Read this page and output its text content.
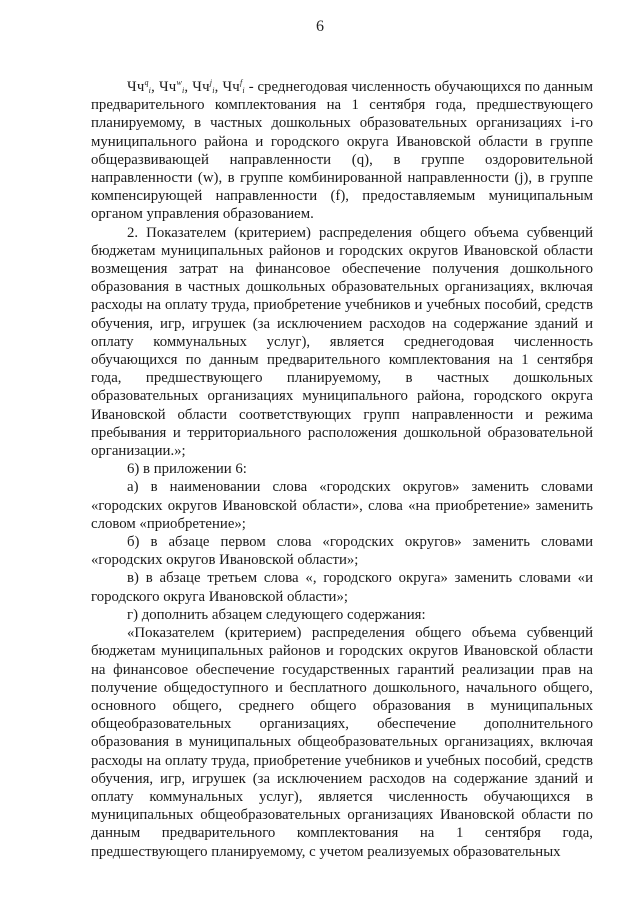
6

$Чч^q_i$, $Чч^w_i$, $Чч^j_i$, $Чч^f_i$ - среднегодовая численность обучающихся по данным предварительного комплектования на 1 сентября года, предшествующего планируемому, в частных дошкольных образовательных организациях i-го муниципального района и городского округа Ивановской области в группе общеразвивающей направленности (q), в группе оздоровительной направленности (w), в группе комбинированной направленности (j), в группе компенсирующей направленности (f), предоставляемым муниципальным органом управления образованием.

2. Показателем (критерием) распределения общего объема субвенций бюджетам муниципальных районов и городских округов Ивановской области возмещения затрат на финансовое обеспечение получения дошкольного образования в частных дошкольных образовательных организациях, включая расходы на оплату труда, приобретение учебников и учебных пособий, средств обучения, игр, игрушек (за исключением расходов на содержание зданий и оплату коммунальных услуг), является среднегодовая численность обучающихся по данным предварительного комплектования на 1 сентября года, предшествующего планируемому, в частных дошкольных образовательных организациях муниципального района, городского округа Ивановской области соответствующих групп направленности и режима пребывания и территориального расположения дошкольной образовательной организации.»;

6) в приложении 6:

а) в наименовании слова «городских округов» заменить словами «городских округов Ивановской области», слова «на приобретение» заменить словом «приобретение»;

б) в абзаце первом слова «городских округов» заменить словами «городских округов Ивановской области»;

в) в абзаце третьем слова «, городского округа» заменить словами «и городского округа Ивановской области»;

г) дополнить абзацем следующего содержания:

«Показателем (критерием) распределения общего объема субвенций бюджетам муниципальных районов и городских округов Ивановской области на финансовое обеспечение государственных гарантий реализации прав на получение общедоступного и бесплатного дошкольного, начального общего, основного общего, среднего общего образования в муниципальных общеобразовательных организациях, обеспечение дополнительного образования в муниципальных общеобразовательных организациях, включая расходы на оплату труда, приобретение учебников и учебных пособий, средств обучения, игр, игрушек (за исключением расходов на содержание зданий и оплату коммунальных услуг), является численность обучающихся в муниципальных общеобразовательных организациях Ивановской области по данным предварительного комплектования на 1 сентября года, предшествующего планируемому, с учетом реализуемых образовательных
